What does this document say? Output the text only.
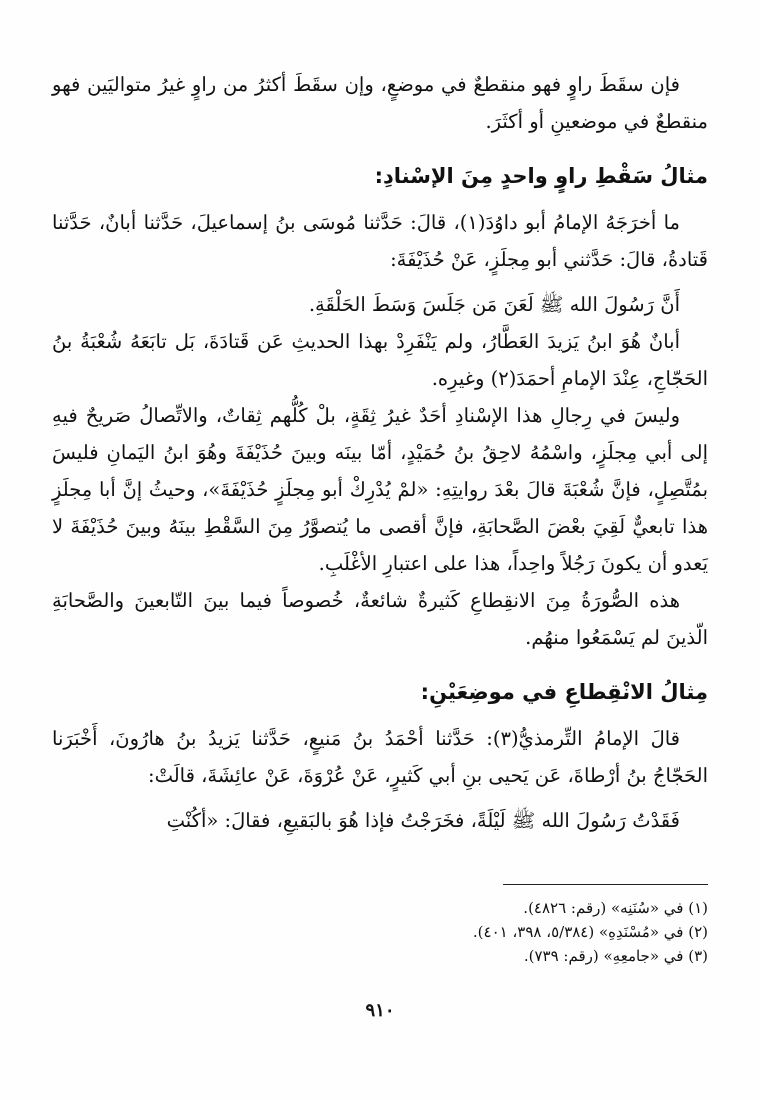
فإن سقَطَ راوٍ فهو منقطعٌ في موضعٍ، وإن سقَطَ أكثرُ من راوٍ غيرُ متواليَين فهو منقطعٌ في موضعينِ أو أكثَرَ.

مثالُ سَقْطِ راوٍ واحدٍ مِنَ الإسْنادِ:

ما أخرَجَهُ الإمامُ أبو داوُدَ(١)، قالَ: حَدَّثنا مُوسَى بنُ إسماعيلَ، حَدَّثنا أبانٌ، حَدَّثنا قَتادةُ، قالَ: حَدَّثني أبو مِجلَزٍ، عَنْ حُذَيْفَةَ:

أَنَّ رَسُولَ الله ﷺ لَعَنَ مَن جَلَسَ وَسَطَ الحَلْقَةِ.

أبانٌ هُوَ ابنُ يَزيدَ العَطَّارُ، ولم يَنْفَرِدْ بهذا الحديثِ عَن قَتادَةَ، بَل تابَعَهُ شُعْبَةُ بنُ الحَجّاجِ، عِنْدَ الإمامِ أحمَدَ(٢) وغيرِه.

وليسَ في رِجالِ هذا الإسْنادِ أحَدٌ غيرُ ثِقَةٍ، بلْ كُلُّهم ثِقاتٌ، والاتِّصالُ صَريحٌ فيهِ إلى أبي مِجلَزٍ، واسْمُهُ لاحِقُ بنُ حُمَيْدٍ، أمّا بينَه وبينَ حُذَيْفَةَ وهُوَ ابنُ اليَمانِ فليسَ بمُتَّصِلٍ، فإنَّ شُعْبَةَ قالَ بعْدَ روايتِهِ: «لمْ يُدْرِكْ أبو مِجلَزٍ حُذَيْفَةَ»، وحيثُ إنَّ أبا مِجلَزٍ هذا تابعيٌّ لَقِيَ بعْضَ الصَّحابَةِ، فإنَّ أقصى ما يُتصوَّرُ مِنَ السَّقْطِ بينَهُ وبينَ حُذَيْفَةَ لا يَعدو أن يكونَ رَجُلاً واحِداً، هذا على اعتبارِ الأغْلَبِ.

هذه الصُّورَةُ مِنَ الانقِطاعِ كَثيرةٌ شائعةٌ، خُصوصاً فيما بينَ التّابعينَ والصَّحابَةِ الّذينَ لم يَسْمَعُوا منهُم.

مِثالُ الانْقِطاعِ في موضِعَيْنِ:

قالَ الإمامُ التِّرمذيُّ(٣): حَدَّثنا أحْمَدُ بنُ مَنيعٍ، حَدَّثنا يَزيدُ بنُ هارُونَ، أَخْبَرَنا الحَجّاجُ بنُ أرْطاةَ، عَن يَحيى بنِ أبي كَثيرٍ، عَنْ عُرْوَةَ، عَنْ عائِشَةَ، قالَتْ:

فَقَدْتُ رَسُولَ الله ﷺ لَيْلَةً، فخَرَجْتُ فإذا هُوَ بالبَقيعِ، فقالَ: «أكُنْتِ

(١) في «سُنَنِه» (رقم: ٤٨٢٦).

(٢) في «مُسْنَدِهِ» (٥/٣٨٤، ٣٩٨، ٤٠١).

(٣) في «جامعِهِ» (رقم: ٧٣٩).

٩١٠
